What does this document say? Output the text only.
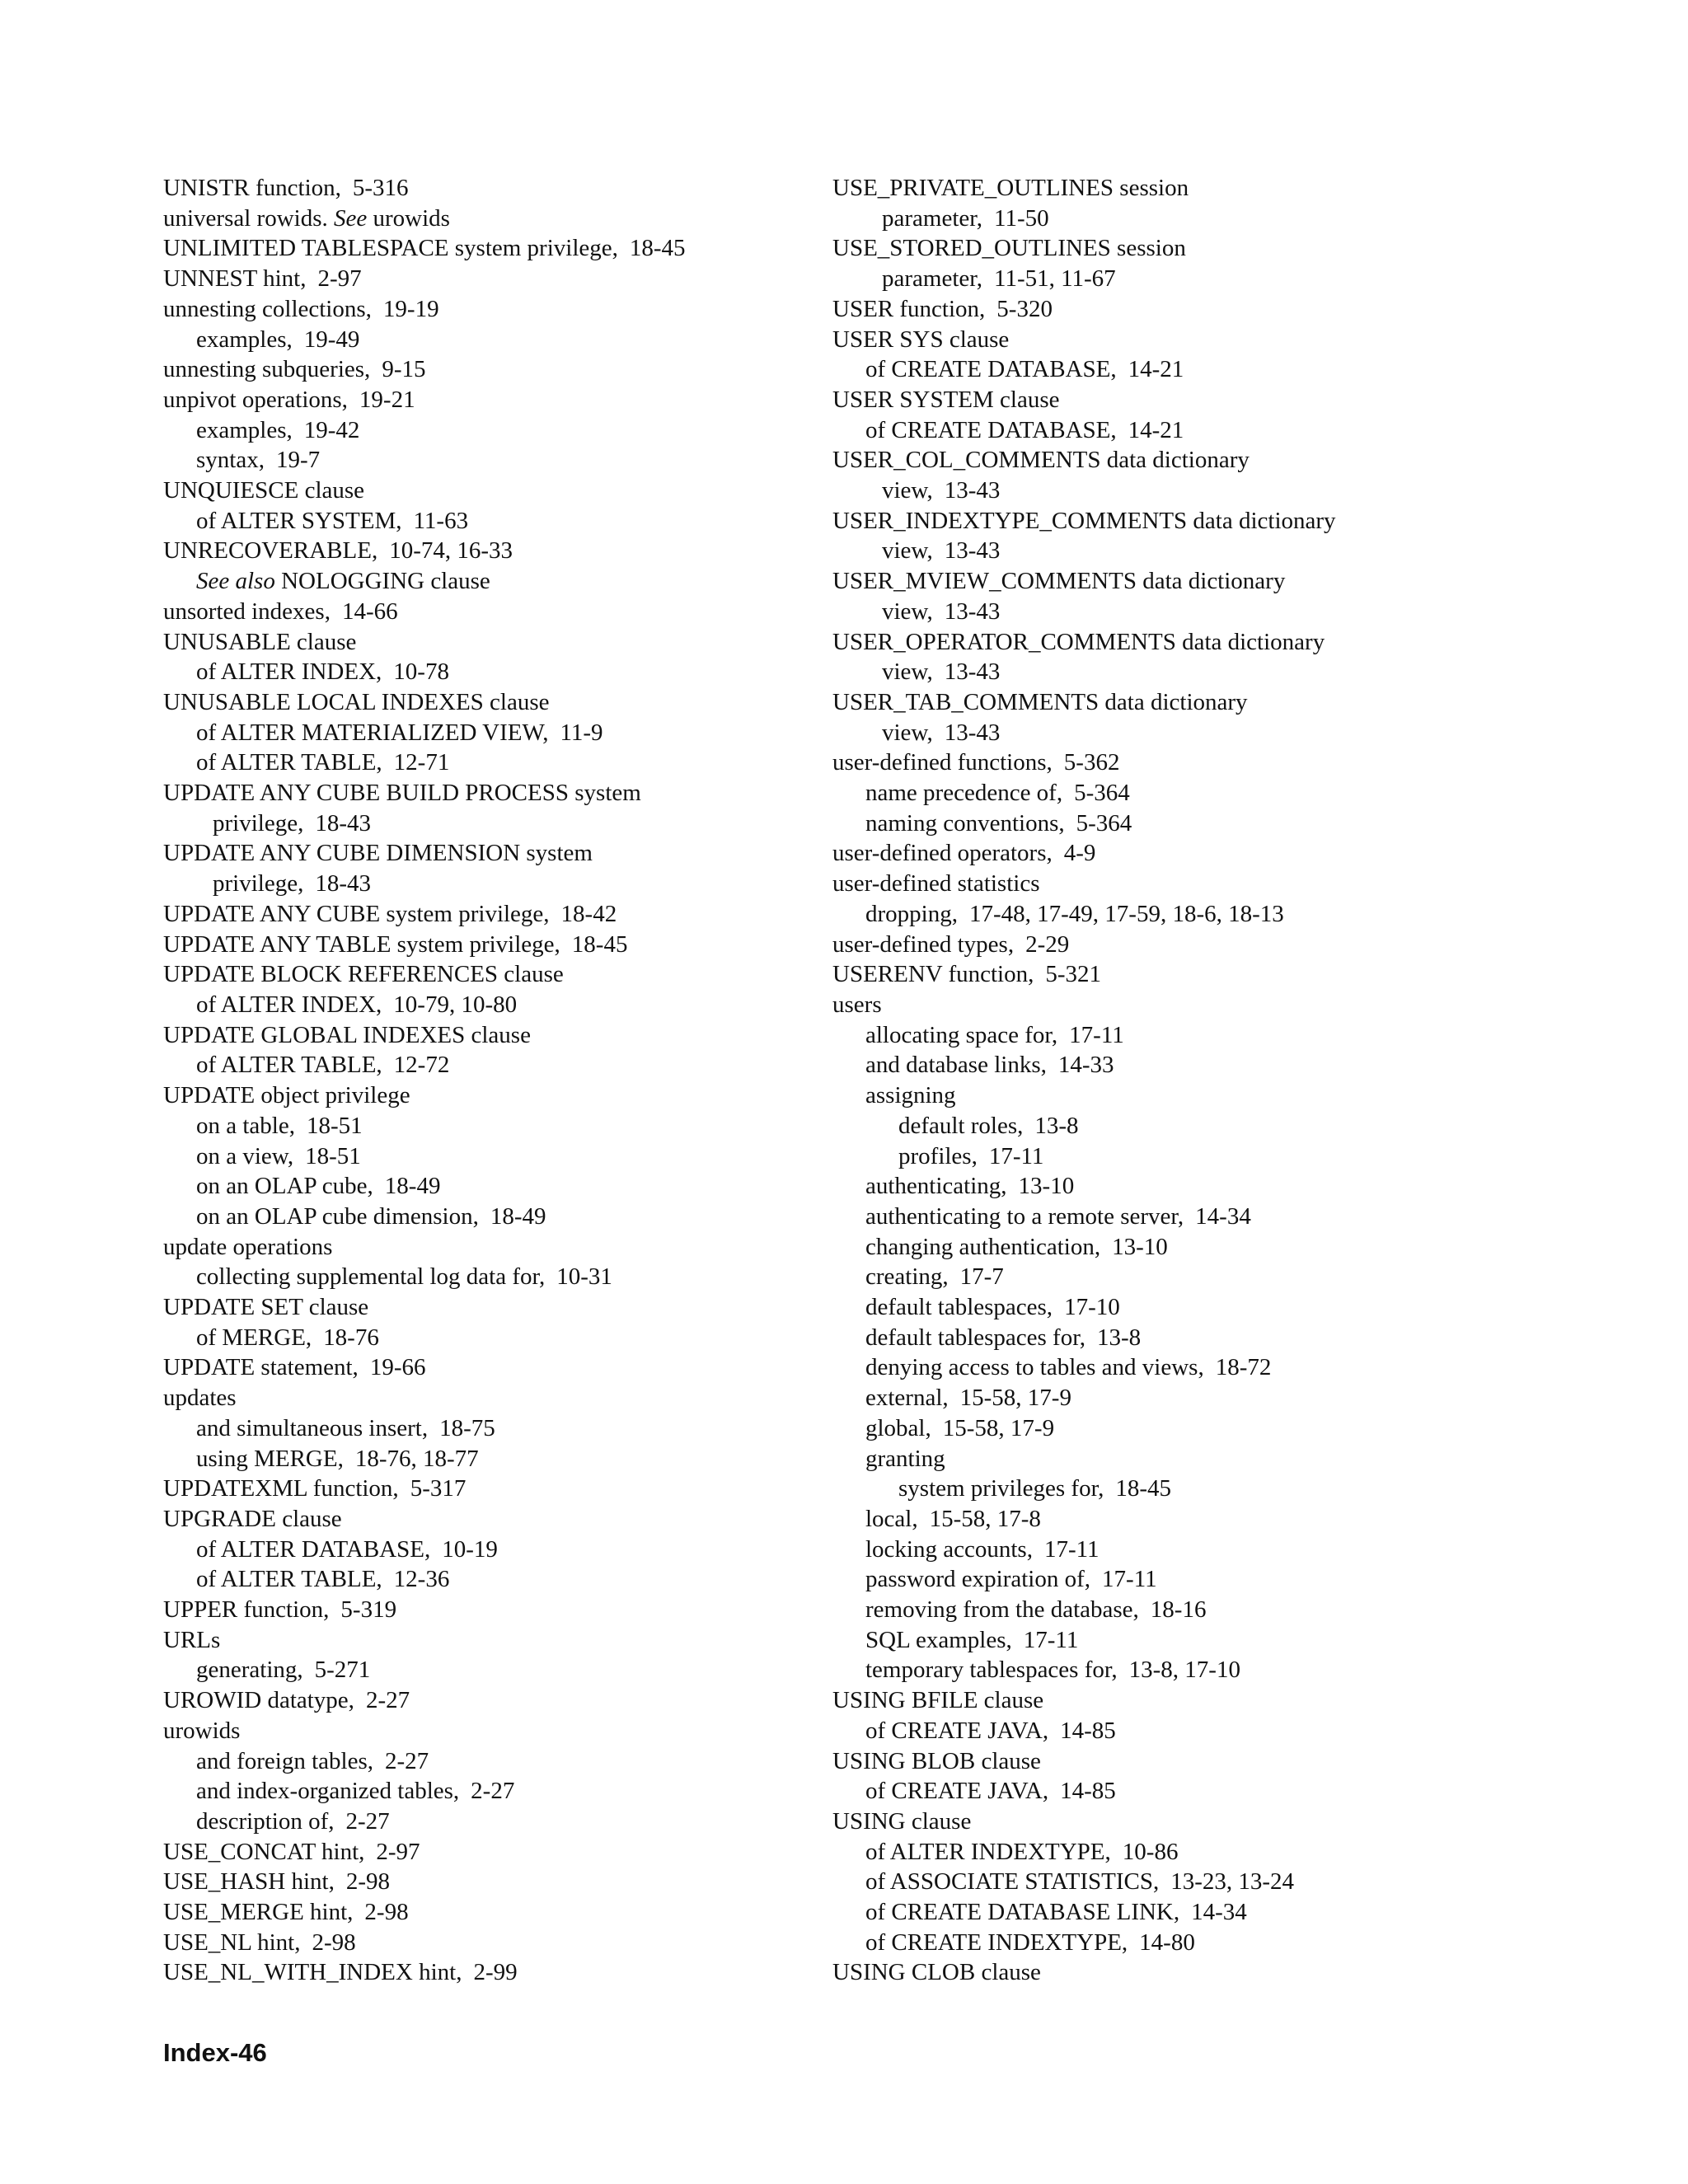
UNISTR function, 5-316
universal rowids. See urowids
UNLIMITED TABLESPACE system privilege, 18-45
UNNEST hint, 2-97
unnesting collections, 19-19
examples, 19-49
unnesting subqueries, 9-15
unpivot operations, 19-21
examples, 19-42
syntax, 19-7
UNQUIESCE clause
of ALTER SYSTEM, 11-63
UNRECOVERABLE, 10-74, 16-33
See also NOLOGGING clause
unsorted indexes, 14-66
UNUSABLE clause
of ALTER INDEX, 10-78
UNUSABLE LOCAL INDEXES clause
of ALTER MATERIALIZED VIEW, 11-9
of ALTER TABLE, 12-71
UPDATE ANY CUBE BUILD PROCESS system
privilege, 18-43
UPDATE ANY CUBE DIMENSION system
privilege, 18-43
UPDATE ANY CUBE system privilege, 18-42
UPDATE ANY TABLE system privilege, 18-45
UPDATE BLOCK REFERENCES clause
of ALTER INDEX, 10-79, 10-80
UPDATE GLOBAL INDEXES clause
of ALTER TABLE, 12-72
UPDATE object privilege
on a table, 18-51
on a view, 18-51
on an OLAP cube, 18-49
on an OLAP cube dimension, 18-49
update operations
collecting supplemental log data for, 10-31
UPDATE SET clause
of MERGE, 18-76
UPDATE statement, 19-66
updates
and simultaneous insert, 18-75
using MERGE, 18-76, 18-77
UPDATEXML function, 5-317
UPGRADE clause
of ALTER DATABASE, 10-19
of ALTER TABLE, 12-36
UPPER function, 5-319
URLs
generating, 5-271
UROWID datatype, 2-27
urowids
and foreign tables, 2-27
and index-organized tables, 2-27
description of, 2-27
USE_CONCAT hint, 2-97
USE_HASH hint, 2-98
USE_MERGE hint, 2-98
USE_NL hint, 2-98
USE_NL_WITH_INDEX hint, 2-99
USE_PRIVATE_OUTLINES session
parameter, 11-50
USE_STORED_OUTLINES session
parameter, 11-51, 11-67
USER function, 5-320
USER SYS clause
of CREATE DATABASE, 14-21
USER SYSTEM clause
of CREATE DATABASE, 14-21
USER_COL_COMMENTS data dictionary
view, 13-43
USER_INDEXTYPE_COMMENTS data dictionary
view, 13-43
USER_MVIEW_COMMENTS data dictionary
view, 13-43
USER_OPERATOR_COMMENTS data dictionary
view, 13-43
USER_TAB_COMMENTS data dictionary
view, 13-43
user-defined functions, 5-362
name precedence of, 5-364
naming conventions, 5-364
user-defined operators, 4-9
user-defined statistics
dropping, 17-48, 17-49, 17-59, 18-6, 18-13
user-defined types, 2-29
USERENV function, 5-321
users
allocating space for, 17-11
and database links, 14-33
assigning
default roles, 13-8
profiles, 17-11
authenticating, 13-10
authenticating to a remote server, 14-34
changing authentication, 13-10
creating, 17-7
default tablespaces, 17-10
default tablespaces for, 13-8
denying access to tables and views, 18-72
external, 15-58, 17-9
global, 15-58, 17-9
granting
system privileges for, 18-45
local, 15-58, 17-8
locking accounts, 17-11
password expiration of, 17-11
removing from the database, 18-16
SQL examples, 17-11
temporary tablespaces for, 13-8, 17-10
USING BFILE clause
of CREATE JAVA, 14-85
USING BLOB clause
of CREATE JAVA, 14-85
USING clause
of ALTER INDEXTYPE, 10-86
of ASSOCIATE STATISTICS, 13-23, 13-24
of CREATE DATABASE LINK, 14-34
of CREATE INDEXTYPE, 14-80
USING CLOB clause
Index-46
